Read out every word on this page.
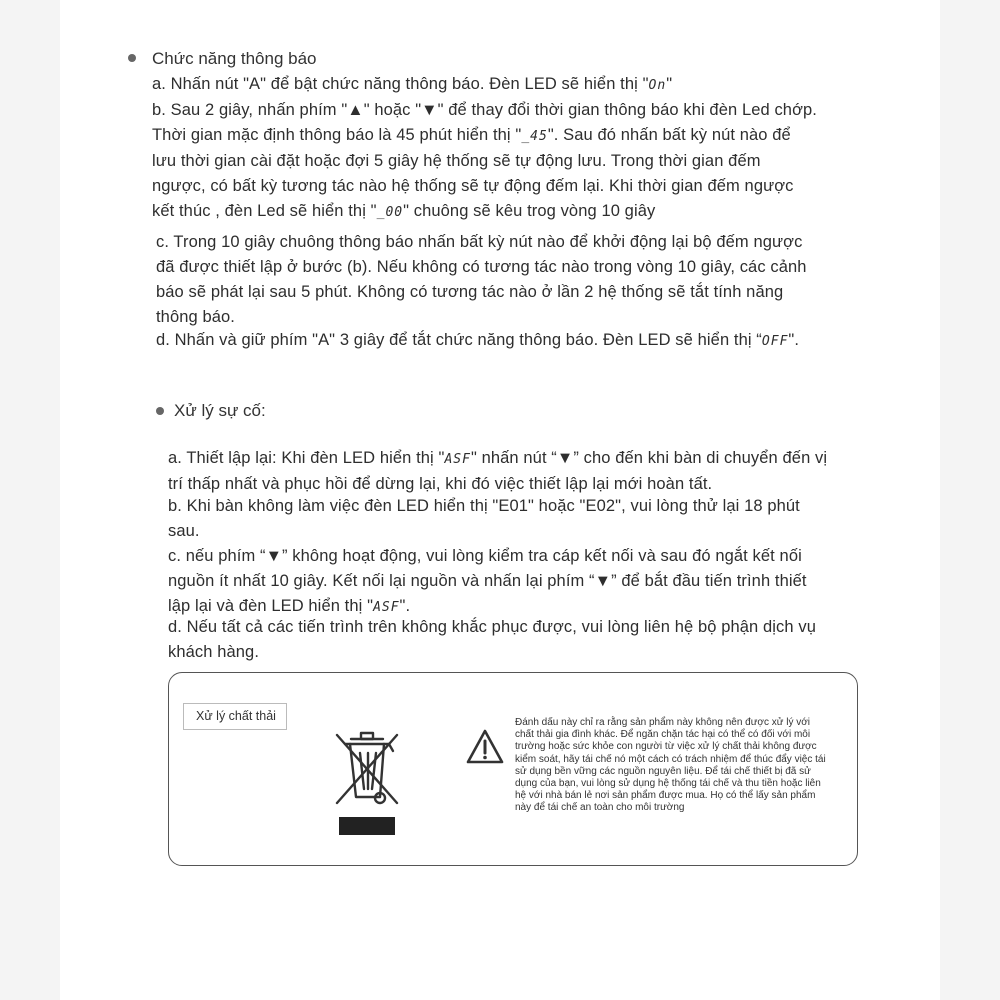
Chức năng thông báo
a. Nhấn nút "A" để bật chức năng thông báo. Đèn LED sẽ hiển thị "On"
b. Sau 2 giây, nhấn phím "▲" hoặc "▼" để thay đổi thời gian thông báo khi đèn Led chớp.
Thời gian mặc định thông báo là 45 phút hiển thị "_45". Sau đó nhấn bất kỳ nút nào để
lưu thời gian cài đặt hoặc đợi 5 giây hệ thống sẽ tự động lưu. Trong thời gian đếm
ngược, có bất kỳ tương tác nào hệ thống sẽ tự động đếm lại. Khi thời gian đếm ngược
kết thúc , đèn Led sẽ hiển thị "_00" chuông sẽ kêu trog vòng 10 giây
c. Trong 10 giây chuông thông báo nhấn bất kỳ nút nào để khởi động lại bộ đếm ngược
đã được thiết lập ở bước (b). Nếu không có tương tác nào trong vòng 10 giây, các cảnh
báo sẽ phát lại sau 5 phút. Không có tương tác nào ở lần 2 hệ thống sẽ tắt tính năng
thông báo.
d. Nhấn và giữ phím "A" 3 giây để tắt chức năng thông báo. Đèn LED sẽ hiển thị “OFF".
Xử lý sự cố:
a. Thiết lập lại: Khi đèn LED hiển thị "ASF" nhấn nút “▼” cho đến khi bàn di chuyển đến vị
trí thấp nhất và phục hồi để dừng lại, khi đó việc thiết lập lại mới hoàn tất.
b. Khi bàn không làm việc đèn LED hiển thị "E01" hoặc "E02", vui lòng thử lại 18 phút
sau.
c. nếu phím “▼” không hoạt động, vui lòng kiểm tra cáp kết nối và sau đó ngắt kết nối
nguồn ít nhất 10 giây. Kết nối lại nguồn và nhấn lại phím “▼” để bắt đầu tiến trình thiết
lập lại và đèn LED hiển thị "ASF".
d. Nếu tất cả các tiến trình trên không khắc phục được, vui lòng liên hệ bộ phận dịch vụ
khách hàng.
Xử lý chất thải	Đánh dấu này chỉ ra rằng sản phẩm này không nên được xử lý với
chất thải gia đình khác. Để ngăn chặn tác hại có thể có đối với môi
trường hoặc sức khỏe con người từ việc xử lý chất thải không được
kiểm soát, hãy tái chế nó một cách có trách nhiệm để thúc đẩy việc tái
sử dụng bền vững các nguồn nguyên liệu. Để tái chế thiết bị đã sử
dụng của bạn, vui lòng sử dụng hệ thống tái chế và thu tiền hoặc liên
hệ với nhà bán lẻ nơi sản phẩm được mua. Họ có thể lấy sản phẩm
này để tái chế an toàn cho môi trường
